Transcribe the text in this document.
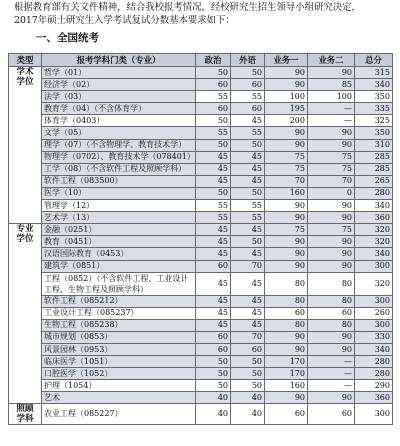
根据教育部有关文件精神，结合我校报考情况，经校研究生招生领导小组研究决定，
2017年硕士研究生入学考试复试分数基本要求如下：
一、全国统考
类型	报考学科门类（专业）	政治	外语	业务一	业务二	总分
学术
学位	哲学（01）	50	50	90	90	315
	经济学（02）	60	60	90	85	340
	法学（03）	55	55	100	100	350
	教育学（04）（不含体育学）	60	60	195	—	335
	体育学（0403）	50	45	200	—	325
	文学（05）	55	55	90	90	350
	理学（07）（不含物理学、教育技术学）	50	50	90	90	310
	物理学（0702）、教育技术学（078401）	45	45	75	75	285
	工学（08）（不含软件工程及照顾学科）	45	45	75	75	285
	软件工程（083500）	45	45	70	70	265
	医学（10）	50	50	160	0	280
	管理学（12）	55	55	90	90	340
	艺术学（13）	55	55	90	90	360
专业
学位	金融（0251）	45	45	75	75	320
	教育（0451）	45	50	90	90	320
	汉语国际教育（0453）	45	45	90	90	340
	建筑学（0851）	60	70	90	90	300
	工程（0852）（不含软件工程、工业设计工程、生物工程及照顾学科）	45	45	80	80	320
	软件工程（085212）	45	45	80	80	300
	工业设计工程（085237）	45	45	60	60	260
	生物工程（085238）	45	45	80	80	300
	城市规划（0853）	60	70	90	90	330
	风景园林（0953）	60	60	90	90	340
	临床医学（1051）	50	50	170	—	280
	口腔医学（1052）	50	50	170	—	280
	护理（1054）	50	50	160	—	290
	艺术	40	40	90	90	360
照顾
学科	农业工程（085227）	40	40	60	60	300
